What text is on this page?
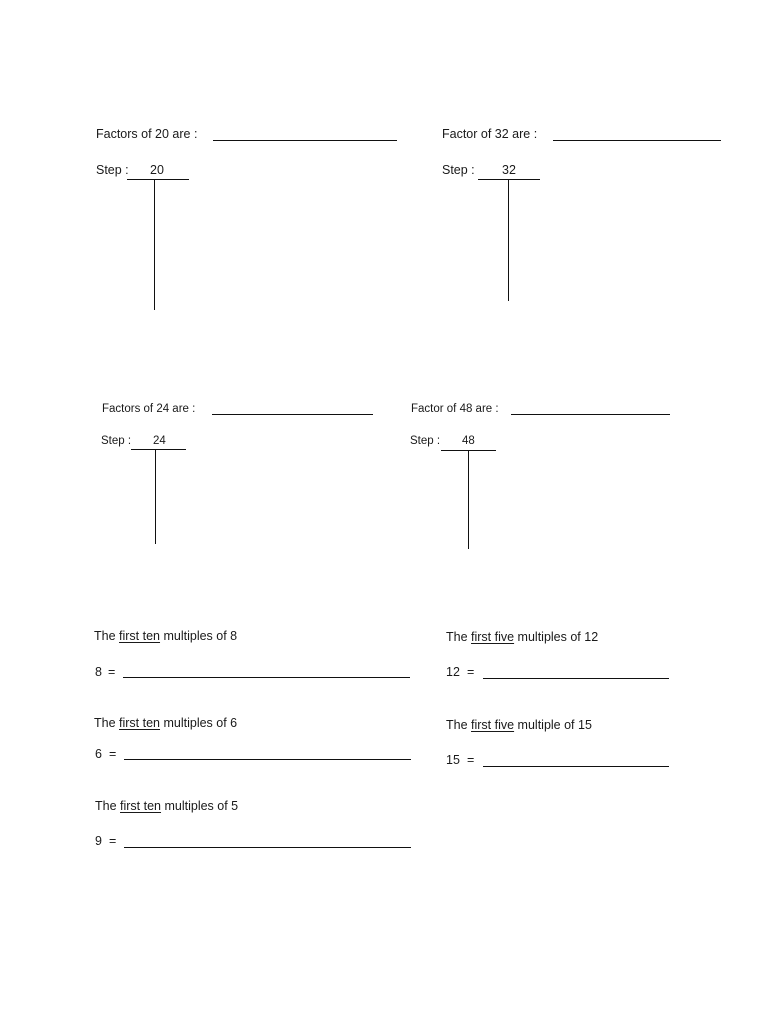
Factors of 20 are :
Step : 20
Factor of 32 are :
Step : 32
Factors of 24 are :
Step : 24
Factor of 48 are :
Step : 48
The first ten multiples of 8
8 =
The first five multiples of 12
12 =
The first ten multiples of 6
6 =
The first five multiple of 15
15 =
The first ten multiples of 5
9 =
